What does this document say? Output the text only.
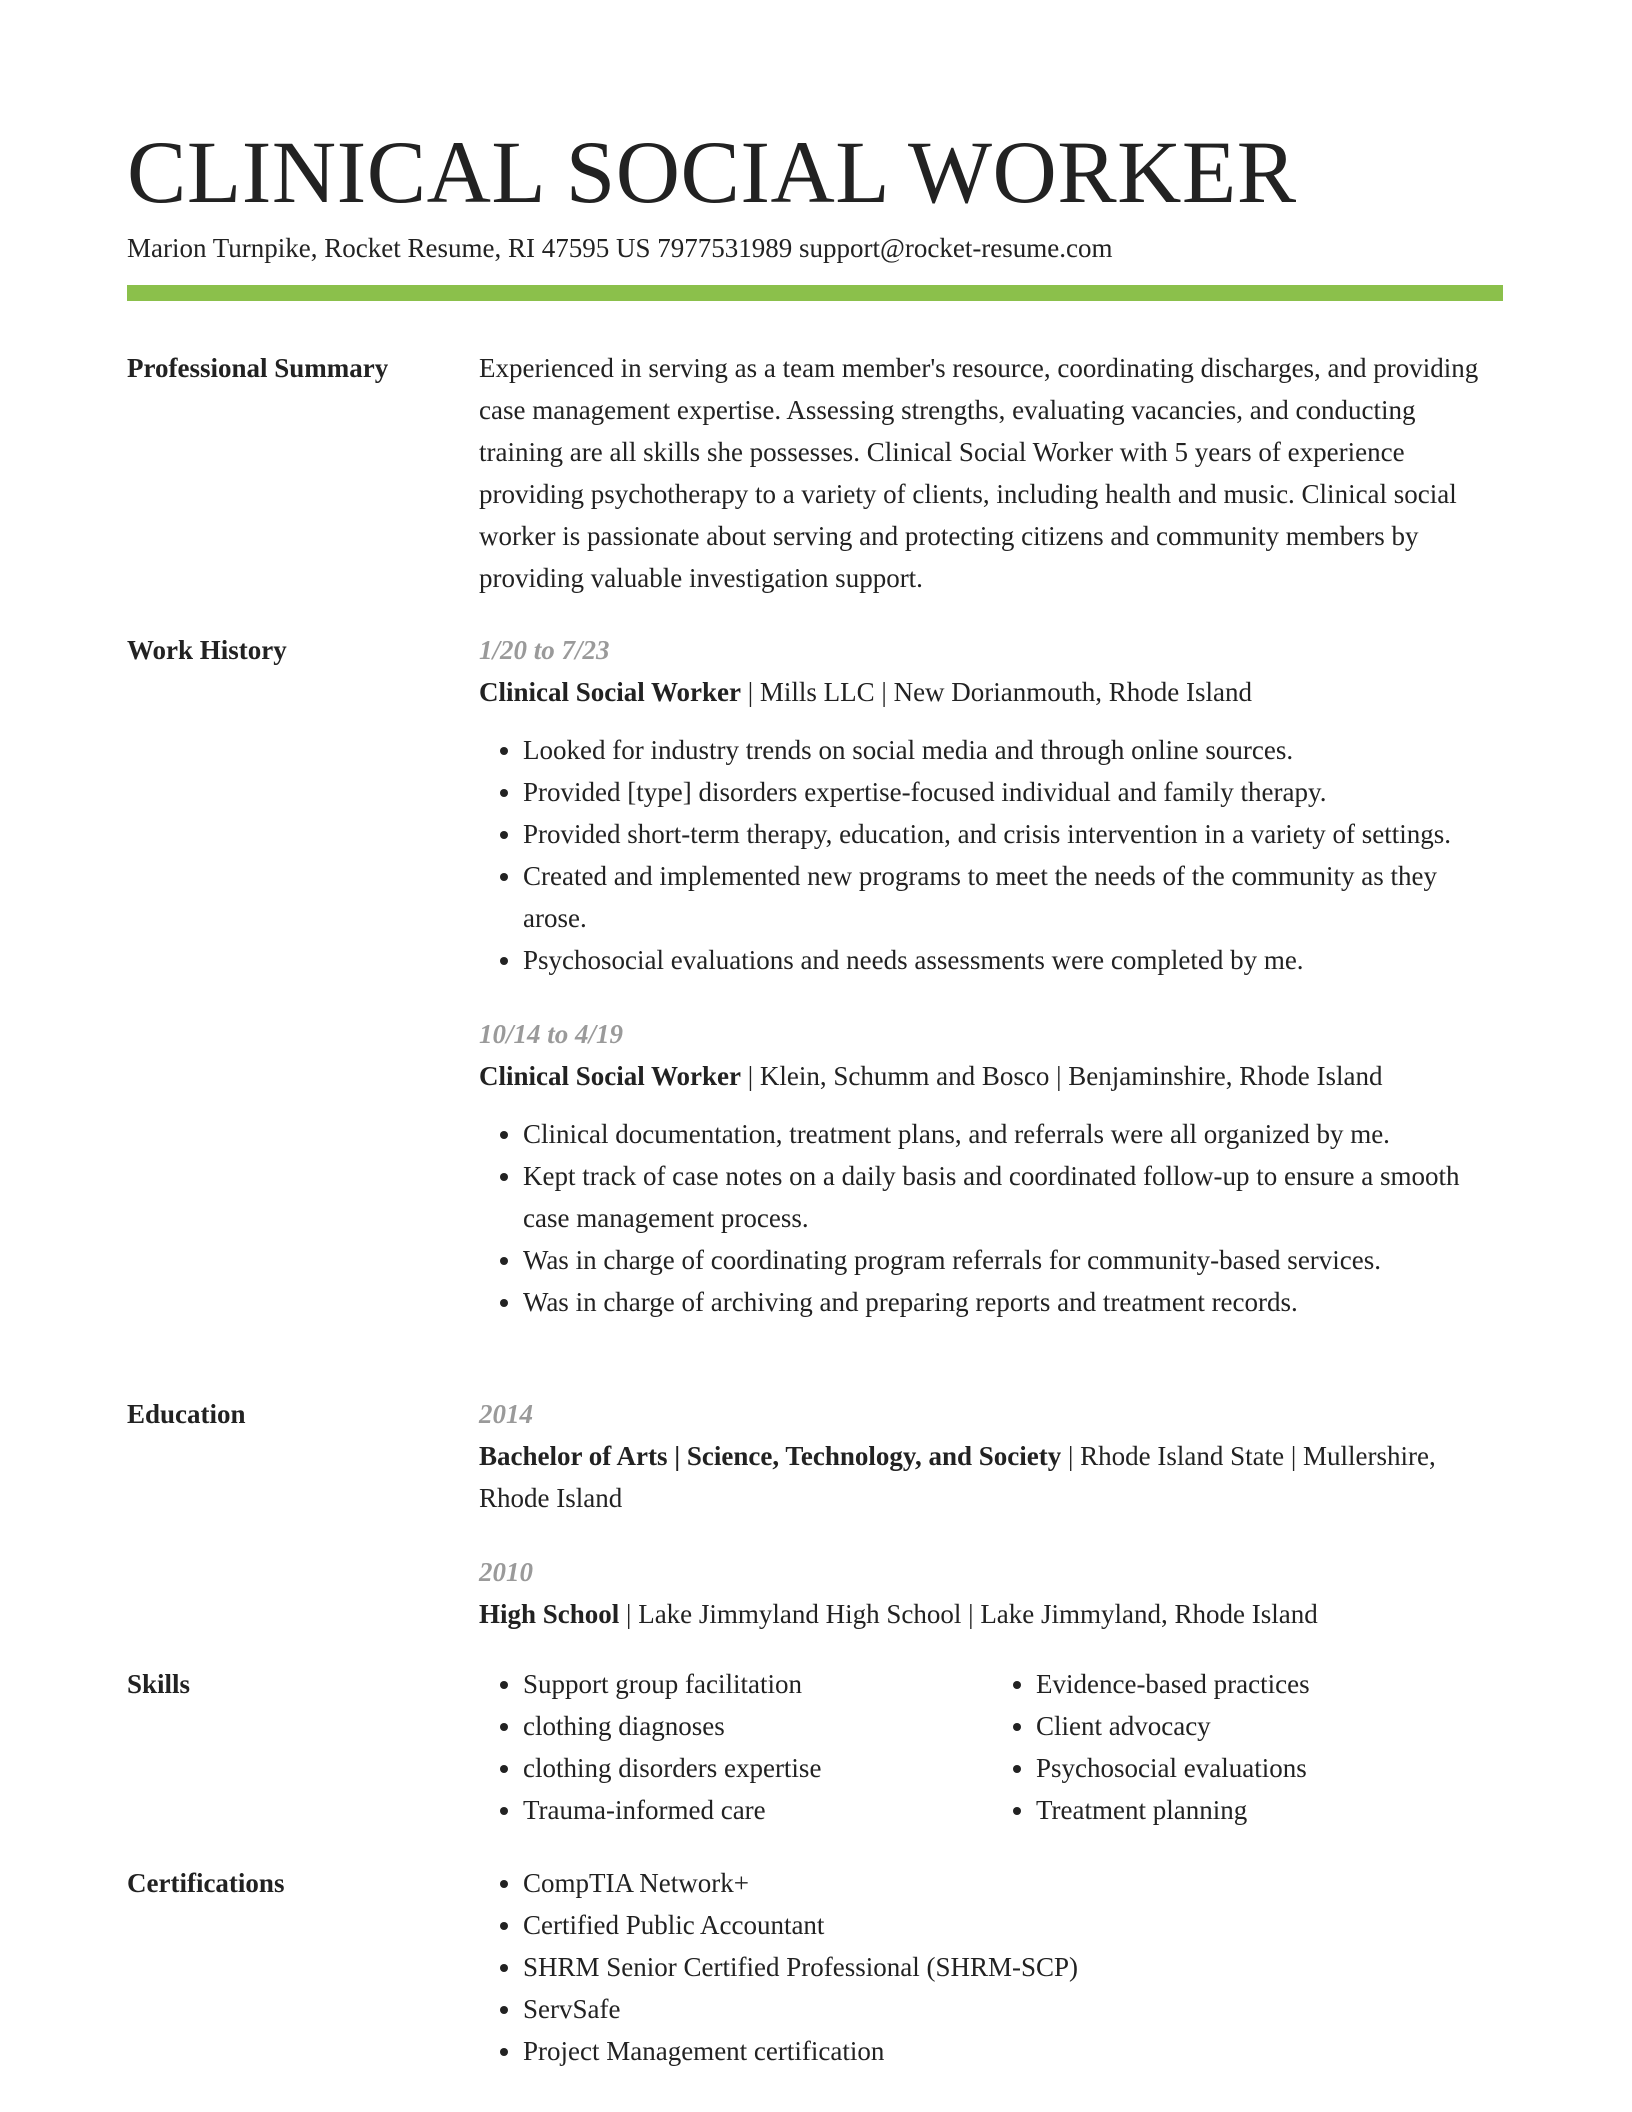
CLINICAL SOCIAL WORKER
Marion Turnpike, Rocket Resume, RI 47595 US 7977531989 support@rocket-resume.com
Professional Summary	Experienced in serving as a team member's resource, coordinating discharges, and providing case management expertise. Assessing strengths, evaluating vacancies, and conducting training are all skills she possesses. Clinical Social Worker with 5 years of experience providing psychotherapy to a variety of clients, including health and music. Clinical social worker is passionate about serving and protecting citizens and community members by providing valuable investigation support.

Work History	1/20 to 7/23
Clinical Social Worker | Mills LLC | New Dorianmouth, Rhode Island
• Looked for industry trends on social media and through online sources.
• Provided [type] disorders expertise-focused individual and family therapy.
• Provided short-term therapy, education, and crisis intervention in a variety of settings.
• Created and implemented new programs to meet the needs of the community as they arose.
• Psychosocial evaluations and needs assessments were completed by me.
10/14 to 4/19
Clinical Social Worker | Klein, Schumm and Bosco | Benjaminshire, Rhode Island
• Clinical documentation, treatment plans, and referrals were all organized by me.
• Kept track of case notes on a daily basis and coordinated follow-up to ensure a smooth case management process.
• Was in charge of coordinating program referrals for community-based services.
• Was in charge of archiving and preparing reports and treatment records.
Education	2014
Bachelor of Arts | Science, Technology, and Society | Rhode Island State | Mullershire, Rhode Island
2010
High School | Lake Jimmyland High School | Lake Jimmyland, Rhode Island
Skills	• Support group facilitation
• clothing diagnoses
• clothing disorders expertise
• Trauma-informed care
• Evidence-based practices
• Client advocacy
• Psychosocial evaluations
• Treatment planning
Certifications	• CompTIA Network+
• Certified Public Accountant
• SHRM Senior Certified Professional (SHRM-SCP)
• ServSafe
• Project Management certification
